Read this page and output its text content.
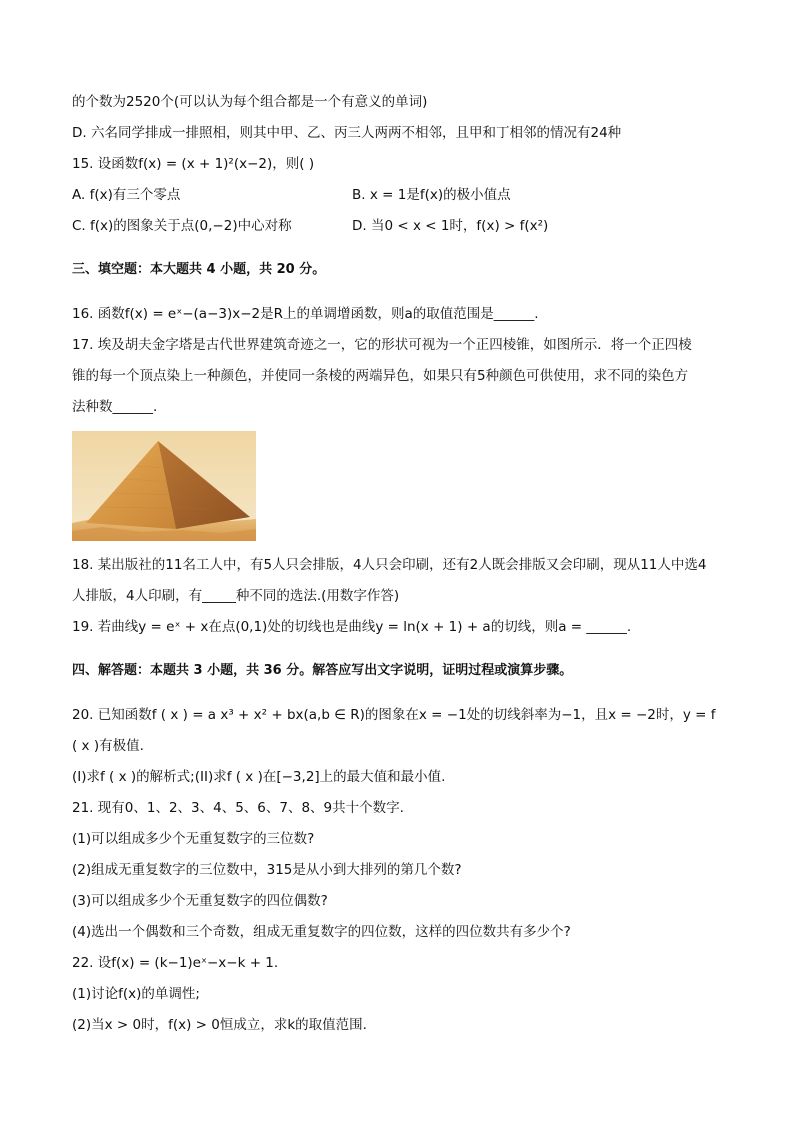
的个数为2520个(可以认为每个组合都是一个有意义的单词)

D. 六名同学排成一排照相，则其中甲、乙、丙三人两两不相邻，且甲和丁相邻的情况有24种

15. 设函数f(x) = (x + 1)²(x−2)，则( )

A. f(x)有三个零点	B. x = 1是f(x)的极小值点
C. f(x)的图象关于点(0,−2)中心对称	D. 当0 < x < 1时，f(x) > f(x²)

三、填空题：本大题共 4 小题，共 20 分。

16. 函数f(x) = eˣ−(a−3)x−2是R上的单调增函数，则a的取值范围是______.

17. 埃及胡夫金字塔是古代世界建筑奇迹之一，它的形状可视为一个正四棱锥，如图所示．将一个正四棱

锥的每一个顶点染上一种颜色，并使同一条棱的两端异色，如果只有5种颜色可供使用，求不同的染色方

法种数______.

18. 某出版社的11名工人中，有5人只会排版，4人只会印刷，还有2人既会排版又会印刷，现从11人中选4

人排版，4人印刷，有_____种不同的选法.(用数字作答)

19. 若曲线y = eˣ + x在点(0,1)处的切线也是曲线y = ln(x + 1) + a的切线，则a = ______.

四、解答题：本题共 3 小题，共 36 分。解答应写出文字说明，证明过程或演算步骤。

20. 已知函数f ( x ) = a x³ + x² + bx(a,b ∈ R)的图象在x = −1处的切线斜率为−1，且x = −2时，y = f

( x )有极值.

(I)求f ( x )的解析式;(II)求f ( x )在[−3,2]上的最大值和最小值.

21. 现有0、1、2、3、4、5、6、7、8、9共十个数字.

(1)可以组成多少个无重复数字的三位数?

(2)组成无重复数字的三位数中，315是从小到大排列的第几个数?

(3)可以组成多少个无重复数字的四位偶数?

(4)选出一个偶数和三个奇数，组成无重复数字的四位数，这样的四位数共有多少个?

22. 设f(x) = (k−1)eˣ−x−k + 1.

(1)讨论f(x)的单调性;

(2)当x > 0时，f(x) > 0恒成立，求k的取值范围.
